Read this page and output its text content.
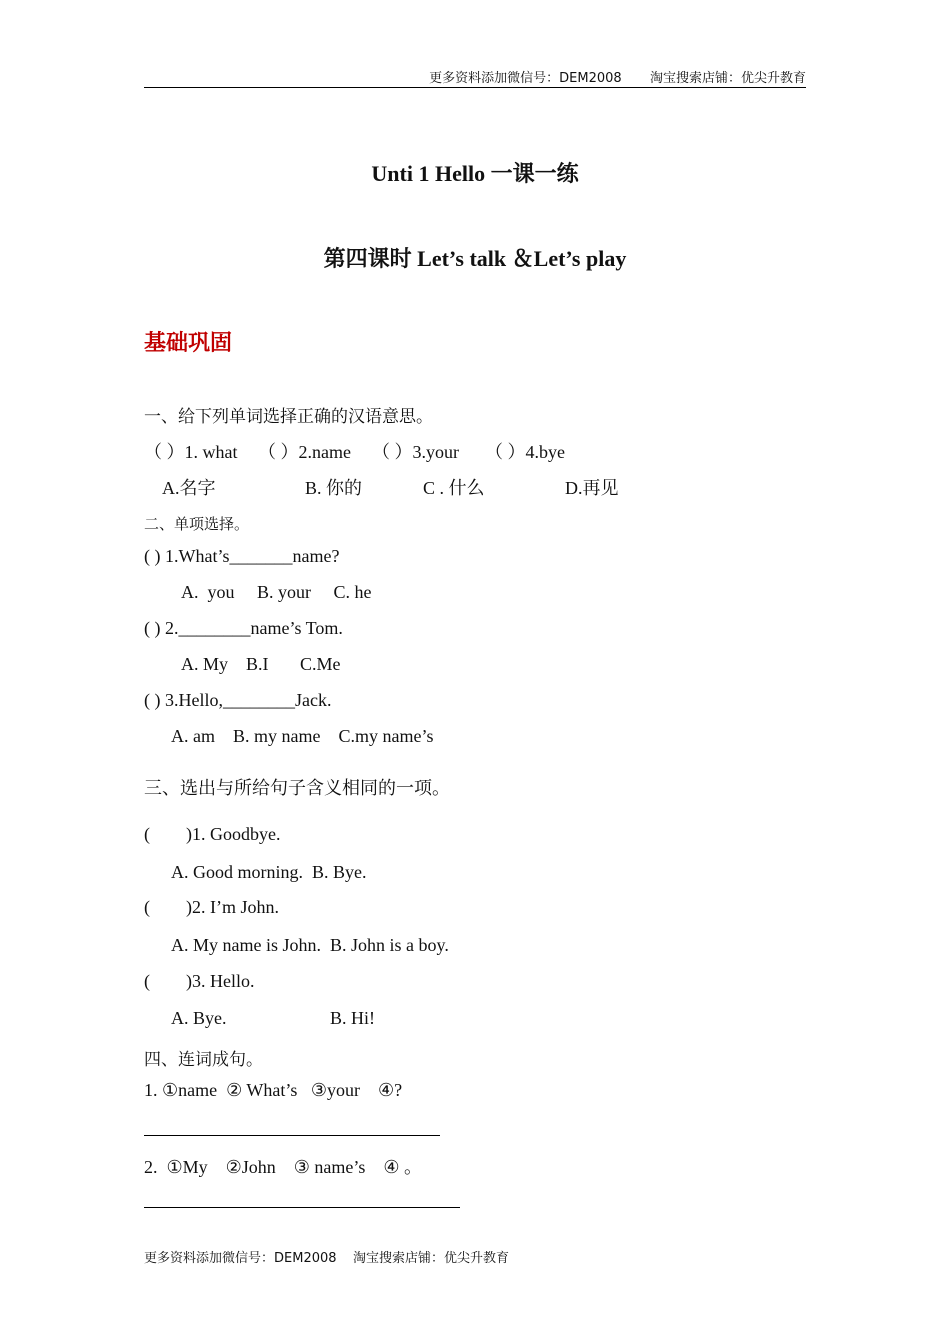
更多资料添加微信号：DEM2008 淘宝搜索店铺：优尖升教育
Unti 1 Hello 一课一练
第四课时 Let’s talk ＆Let’s play
基础巩固
一、给下列单词选择正确的汉语意思。
（ ）1. what （ ）2.name （ ）3.your （ ）4.bye
A.名字	B. 你的	C . 什么	D.再见
二、单项选择。
( ) 1.What’s_______name?
A.  you     B. your     C. he
( ) 2.________name’s Tom.
A. My    B.I       C.Me
( ) 3.Hello,________Jack.
A. am    B. my name    C.my name’s
三、选出与所给句子含义相同的一项。
(        )1. Goodbye.
A. Good morning.  B. Bye.
(        )2. I’m John.
A. My name is John.  B. John is a boy.
(        )3. Hello.
A. Bye.                       B. Hi!
四、连词成句。
1. ①name  ② What’s   ③your    ④?
2.  ①My    ②John    ③ name’s    ④ 。
更多资料添加微信号：DEM2008    淘宝搜索店铺：优尖升教育
